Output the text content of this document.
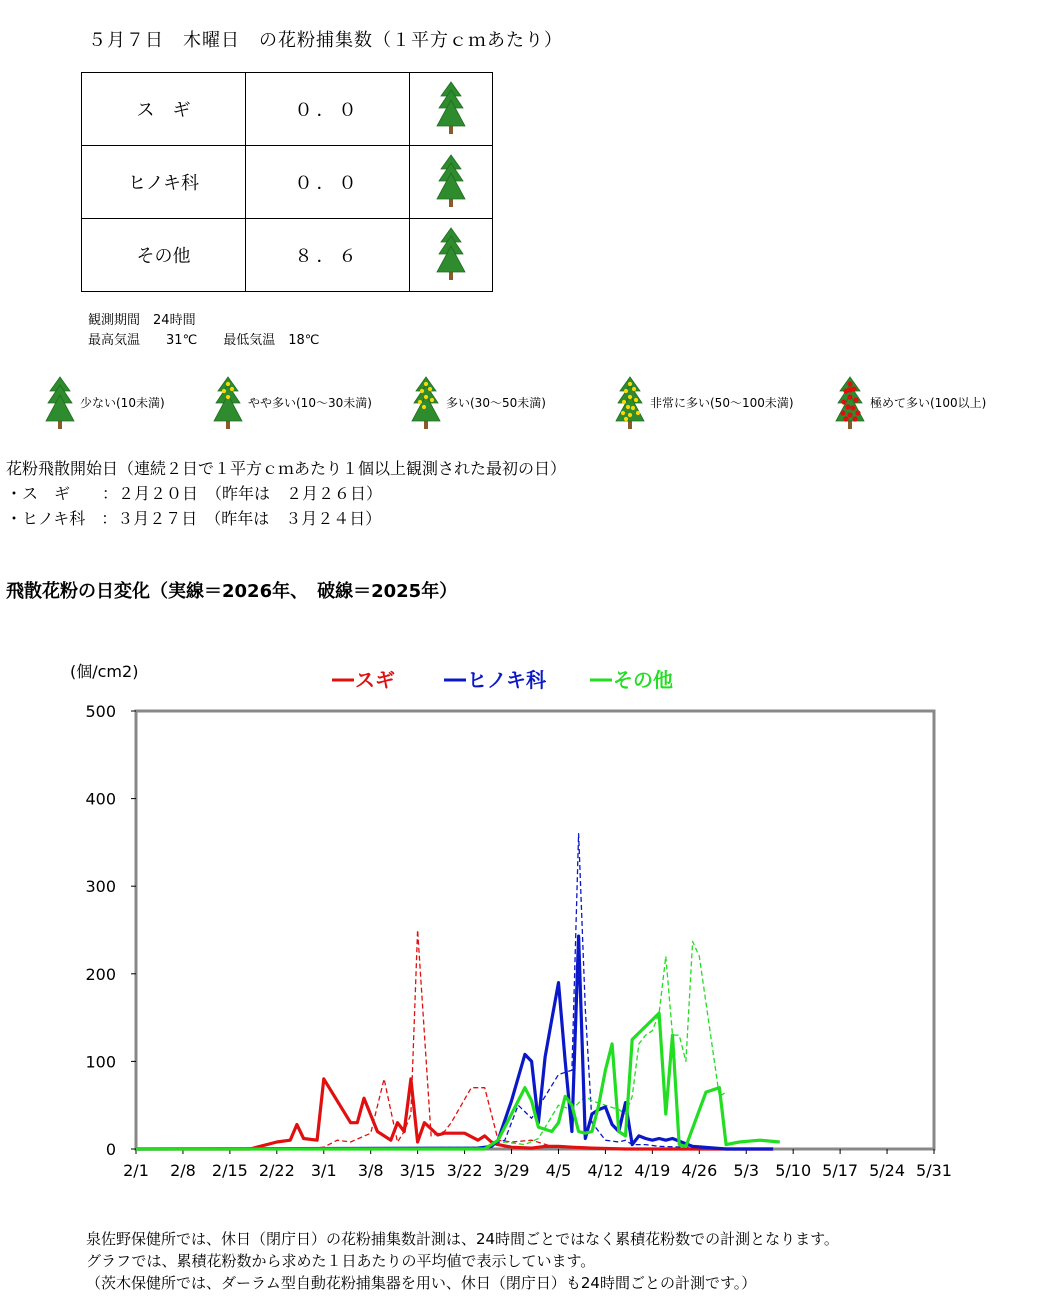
５月７日　木曜日　の花粉捕集数（１平方ｃｍあたり）
ス　ギ	０．０	
ヒノキ科	０．０	
その他	８．６	
観測期間　 24時間
最高気温　　 31℃　　 最低気温　 18℃
少ない(10未満)	やや多い(10～30未満)	多い(30～50未満)	非常に多い(50～100未満)	極めて多い(100以上)
花粉飛散開始日（連続２日で１平方ｃｍあたり１個以上観測された最初の日）
・ス　ギ　　：２月２０日　（昨年は　２月２６日）
・ヒノキ科　：３月２７日　（昨年は　３月２４日）
飛散花粉の日変化（実線＝2026年、　破線＝2025年）
0
100
200
300
400
500
2/1 2/8 2/15 2/22 3/1 3/8 3/15 3/22 3/29 4/5 4/12 4/19 4/26 5/3 5/10 5/17 5/24 5/31
(個/cm2)	スギ	ヒノキ科	その他
泉佐野保健所では、休日（閉庁日）の花粉捕集数計測は、24時間ごとではなく累積花粉数での計測となります。
グラフでは、累積花粉数から求めた１日あたりの平均値で表示しています。
（茨木保健所では、ダーラム型自動花粉捕集器を用い、休日（閉庁日）も24時間ごとの計測です。）
